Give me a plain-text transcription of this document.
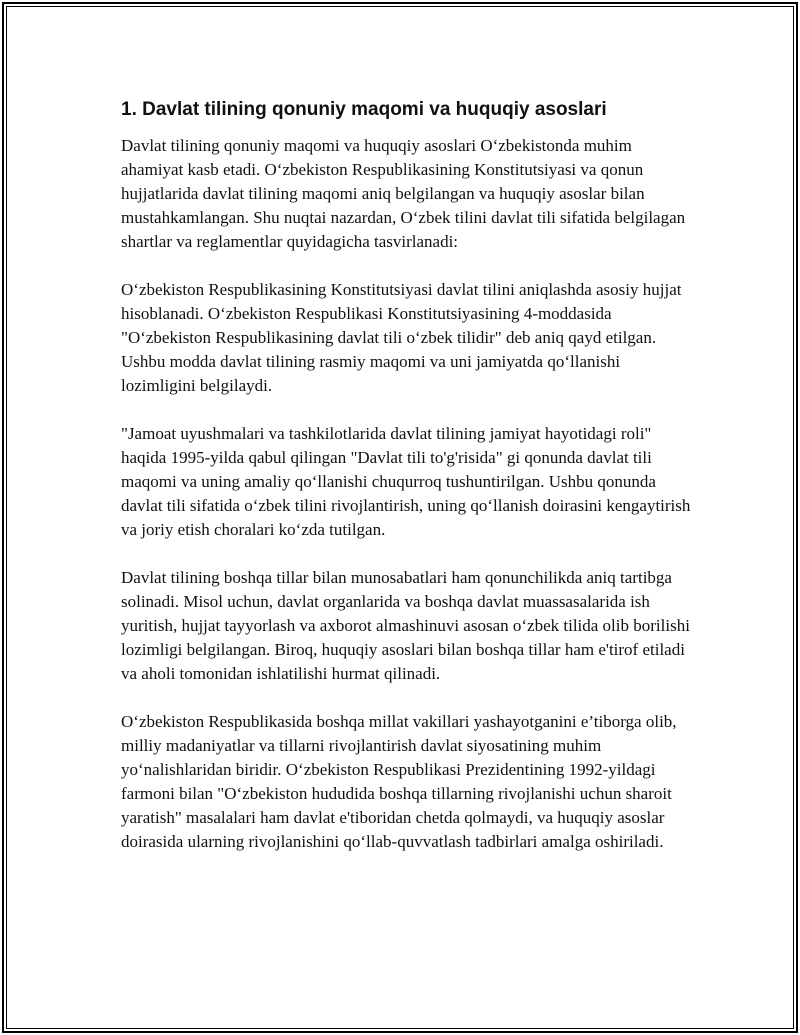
1. Davlat tilining qonuniy maqomi va huquqiy asoslari

Davlat tilining qonuniy maqomi va huquqiy asoslari O‘zbekistonda muhim ahamiyat kasb etadi. O‘zbekiston Respublikasining Konstitutsiyasi va qonun hujjatlarida davlat tilining maqomi aniq belgilangan va huquqiy asoslar bilan mustahkamlangan. Shu nuqtai nazardan, O‘zbek tilini davlat tili sifatida belgilagan shartlar va reglamentlar quyidagicha tasvirlanadi:

O‘zbekiston Respublikasining Konstitutsiyasi davlat tilini aniqlashda asosiy hujjat hisoblanadi. O‘zbekiston Respublikasi Konstitutsiyasining 4-moddasida "O‘zbekiston Respublikasining davlat tili o‘zbek tilidir" deb aniq qayd etilgan. Ushbu modda davlat tilining rasmiy maqomi va uni jamiyatda qo‘llanishi lozimligini belgilaydi.

"Jamoat uyushmalari va tashkilotlarida davlat tilining jamiyat hayotidagi roli" haqida 1995-yilda qabul qilingan "Davlat tili to'g'risida" gi qonunda davlat tili maqomi va uning amaliy qo‘llanishi chuqurroq tushuntirilgan. Ushbu qonunda davlat tili sifatida o‘zbek tilini rivojlantirish, uning qo‘llanish doirasini kengaytirish va joriy etish choralari ko‘zda tutilgan.

Davlat tilining boshqa tillar bilan munosabatlari ham qonunchilikda aniq tartibga solinadi. Misol uchun, davlat organlarida va boshqa davlat muassasalarida ish yuritish, hujjat tayyorlash va axborot almashinuvi asosan o‘zbek tilida olib borilishi lozimligi belgilangan. Biroq, huquqiy asoslari bilan boshqa tillar ham e'tirof etiladi va aholi tomonidan ishlatilishi hurmat qilinadi.

O‘zbekiston Respublikasida boshqa millat vakillari yashayotganini e’tiborga olib, milliy madaniyatlar va tillarni rivojlantirish davlat siyosatining muhim yo‘nalishlaridan biridir. O‘zbekiston Respublikasi Prezidentining 1992-yildagi farmoni bilan "O‘zbekiston hududida boshqa tillarning rivojlanishi uchun sharoit yaratish" masalalari ham davlat e'tiboridan chetda qolmaydi, va huquqiy asoslar doirasida ularning rivojlanishini qo‘llab-quvvatlash tadbirlari amalga oshiriladi.
